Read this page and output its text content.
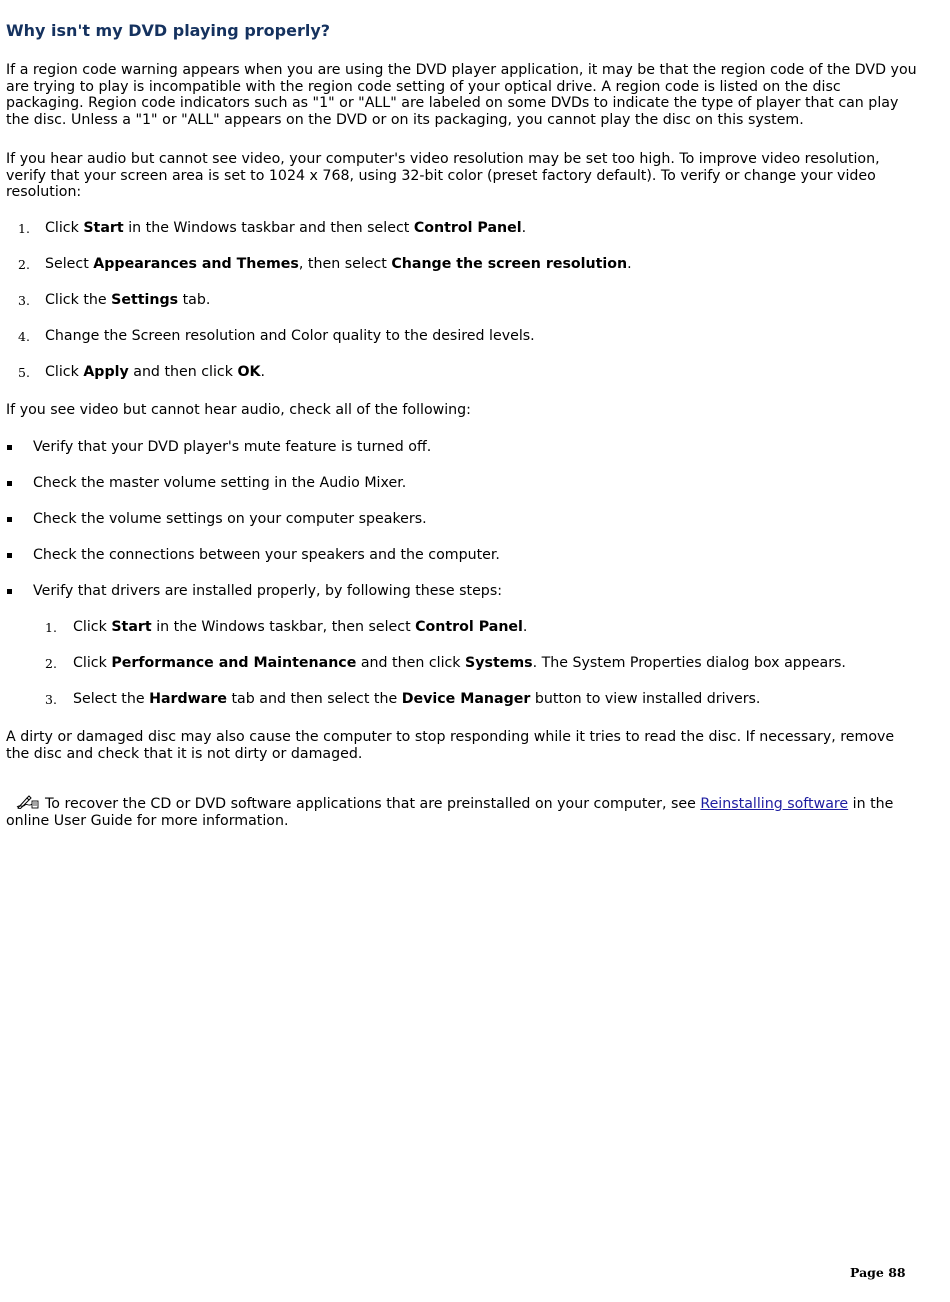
Why isn't my DVD playing properly?

If a region code warning appears when you are using the DVD player application, it may be that the region code of the DVD you are trying to play is incompatible with the region code setting of your optical drive. A region code is listed on the disc packaging. Region code indicators such as "1" or "ALL" are labeled on some DVDs to indicate the type of player that can play the disc. Unless a "1" or "ALL" appears on the DVD or on its packaging, you cannot play the disc on this system.

If you hear audio but cannot see video, your computer's video resolution may be set too high. To improve video resolution, verify that your screen area is set to 1024 x 768, using 32-bit color (preset factory default). To verify or change your video resolution:

1. Click Start in the Windows taskbar and then select Control Panel.
2. Select Appearances and Themes, then select Change the screen resolution.
3. Click the Settings tab.
4. Change the Screen resolution and Color quality to the desired levels.
5. Click Apply and then click OK.

If you see video but cannot hear audio, check all of the following:

Verify that your DVD player's mute feature is turned off.
Check the master volume setting in the Audio Mixer.
Check the volume settings on your computer speakers.
Check the connections between your speakers and the computer.
Verify that drivers are installed properly, by following these steps:
1. Click Start in the Windows taskbar, then select Control Panel.
2. Click Performance and Maintenance and then click Systems. The System Properties dialog box appears.
3. Select the Hardware tab and then select the Device Manager button to view installed drivers.

A dirty or damaged disc may also cause the computer to stop responding while it tries to read the disc. If necessary, remove the disc and check that it is not dirty or damaged.

To recover the CD or DVD software applications that are preinstalled on your computer, see Reinstalling software in the online User Guide for more information.

Page 88
